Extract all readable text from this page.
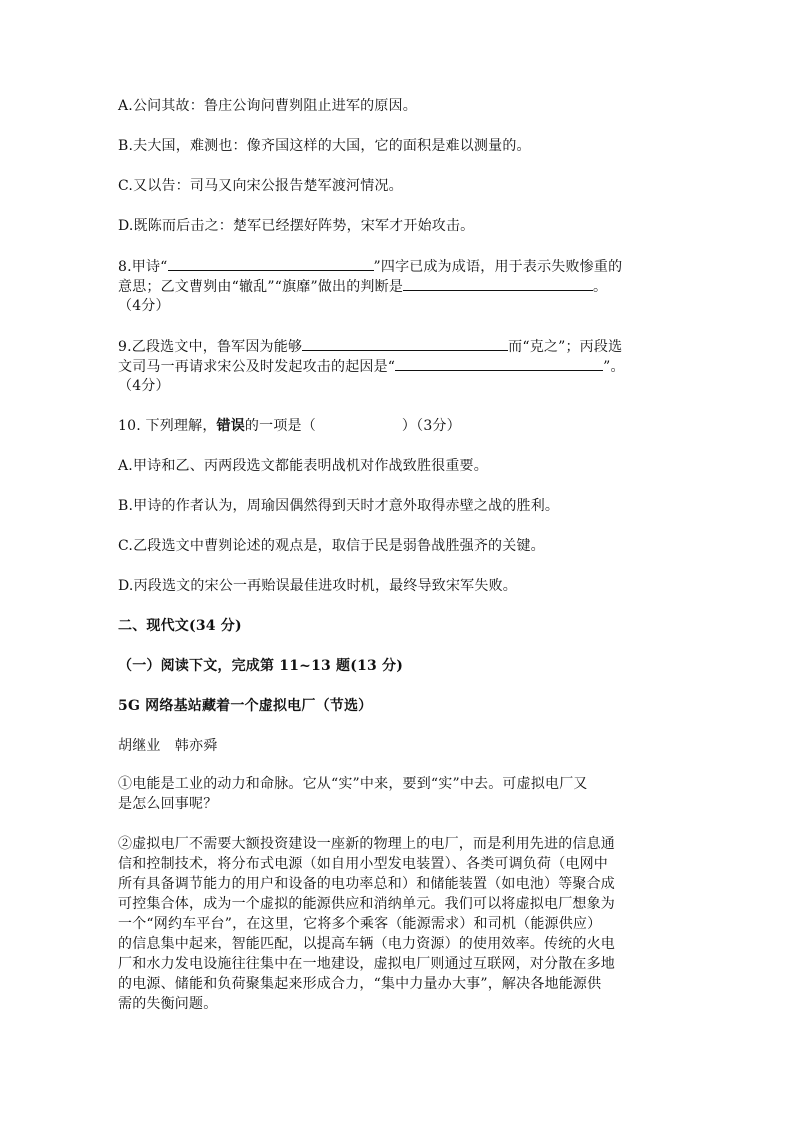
A.公问其故：鲁庄公询问曹刿阻止进军的原因。
B.夫大国，难测也：像齐国这样的大国，它的面积是难以测量的。
C.又以告：司马又向宋公报告楚军渡河情况。
D.既陈而后击之：楚军已经摆好阵势，宋军才开始攻击。
8.甲诗“	”四字已成为成语，用于表示失败惨重的
意思；乙文曹刿由“辙乱”“旗靡”做出的判断是	。
（4分）
9.乙段选文中，鲁军因为能够	而“克之”；丙段选
文司马一再请求宋公及时发起攻击的起因是“	”。
（4分）
10. 下列理解，错误的一项是（	）（3分）
A.甲诗和乙、丙两段选文都能表明战机对作战致胜很重要。
B.甲诗的作者认为，周瑜因偶然得到天时才意外取得赤壁之战的胜利。
C.乙段选文中曹刿论述的观点是，取信于民是弱鲁战胜强齐的关键。
D.丙段选文的宋公一再贻误最佳进攻时机，最终导致宋军失败。
二、现代文(34 分)
（一）阅读下文，完成第 11~13 题(13 分)
5G 网络基站藏着一个虚拟电厂（节选）
胡继业　韩亦舜
①电能是工业的动力和命脉。它从“实”中来，要到“实”中去。可虚拟电厂又
是怎么回事呢？
②虚拟电厂不需要大额投资建设一座新的物理上的电厂，而是利用先进的信息通
信和控制技术，将分布式电源（如自用小型发电装置）、各类可调负荷（电网中
所有具备调节能力的用户和设备的电功率总和）和储能装置（如电池）等聚合成
可控集合体，成为一个虚拟的能源供应和消纳单元。我们可以将虚拟电厂想象为
一个“网约车平台”，在这里，它将多个乘客（能源需求）和司机（能源供应）
的信息集中起来，智能匹配，以提高车辆（电力资源）的使用效率。传统的火电
厂和水力发电设施往往集中在一地建设，虚拟电厂则通过互联网，对分散在多地
的电源、储能和负荷聚集起来形成合力，“集中力量办大事”，解决各地能源供
需的失衡问题。
